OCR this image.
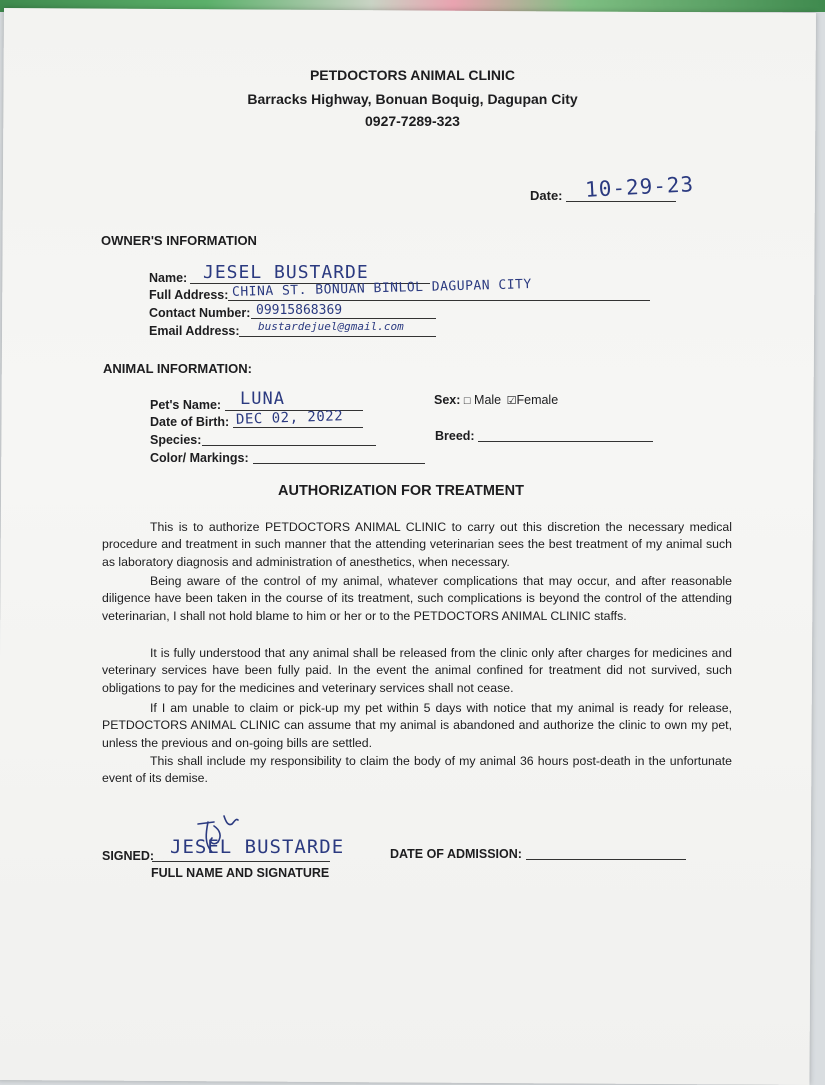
PETDOCTORS ANIMAL CLINIC
Barracks Highway, Bonuan Boquig, Dagupan City
0927-7289-323
Date: 10-29-23
OWNER'S INFORMATION
Name: JESEL BUSTARDE
Full Address: CHINA ST. BONUAN BINLOL DAGUPAN CITY
Contact Number: 09915868369
Email Address: bustardejuel@gmail.com
ANIMAL INFORMATION:
Pet's Name: LUNA
Date of Birth: DEC 02, 2022
Species:
Color/ Markings:
Sex: □ Male ☑Female
Breed:
AUTHORIZATION FOR TREATMENT
This is to authorize PETDOCTORS ANIMAL CLINIC to carry out this discretion the necessary medical procedure and treatment in such manner that the attending veterinarian sees the best treatment of my animal such as laboratory diagnosis and administration of anesthetics, when necessary.
Being aware of the control of my animal, whatever complications that may occur, and after reasonable diligence have been taken in the course of its treatment, such complications is beyond the control of the attending veterinarian, I shall not hold blame to him or her or to the PETDOCTORS ANIMAL CLINIC staffs.
It is fully understood that any animal shall be released from the clinic only after charges for medicines and veterinary services have been fully paid. In the event the animal confined for treatment did not survived, such obligations to pay for the medicines and veterinary services shall not cease.
If I am unable to claim or pick-up my pet within 5 days with notice that my animal is ready for release, PETDOCTORS ANIMAL CLINIC can assume that my animal is abandoned and authorize the clinic to own my pet, unless the previous and on-going bills are settled.
This shall include my responsibility to claim the body of my animal 36 hours post-death in the unfortunate event of its demise.
SIGNED: JESEL BUSTARDE
FULL NAME AND SIGNATURE
DATE OF ADMISSION:
